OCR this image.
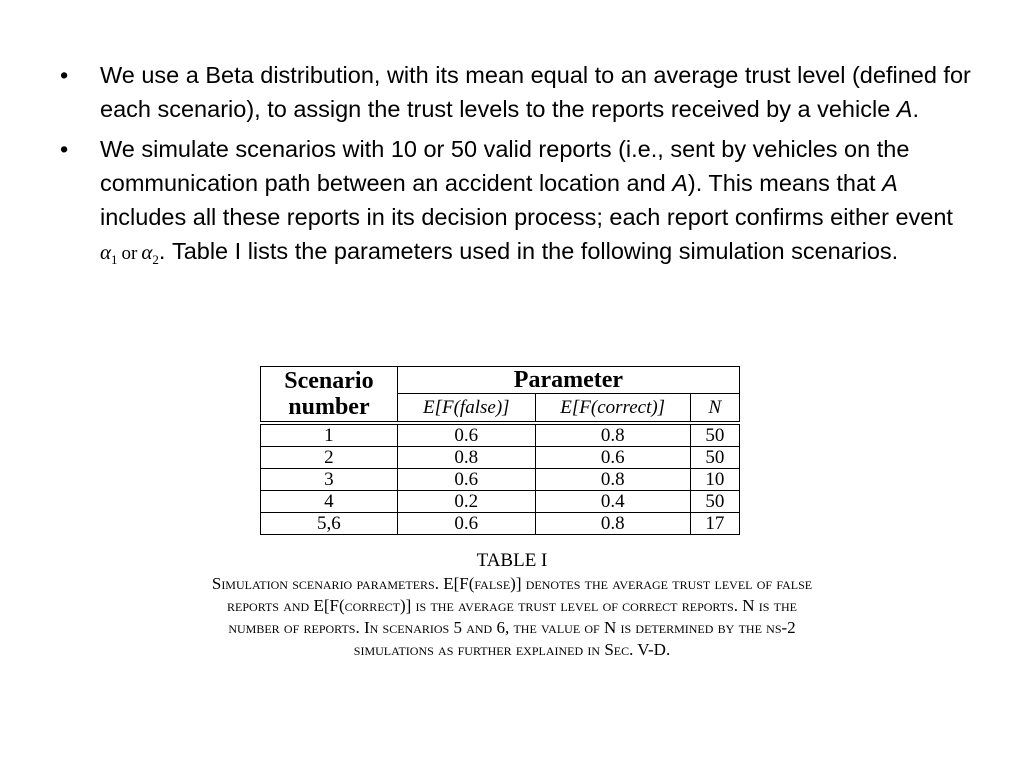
• We use a Beta distribution, with its mean equal to an average trust level (defined for each scenario), to assign the trust levels to the reports received by a vehicle A.
• We simulate scenarios with 10 or 50 valid reports (i.e., sent by vehicles on the communication path between an accident location and A). This means that A includes all these reports in its decision process; each report confirms either event $\alpha_1$ or $\alpha_2$. Table I lists the parameters used in the following simulation scenarios.
Scenario number	Parameter		
	E[F(false)]	E[F(correct)]	N
1	0.6	0.8	50
2	0.8	0.6	50
3	0.6	0.8	10
4	0.2	0.4	50
5,6	0.6	0.8	17
TABLE I
Simulation scenario parameters. E[F(false)] denotes the average trust level of false reports and E[F(correct)] is the average trust level of correct reports. N is the number of reports. In scenarios 5 and 6, the value of N is determined by the ns-2 simulations as further explained in Sec. V-D.
